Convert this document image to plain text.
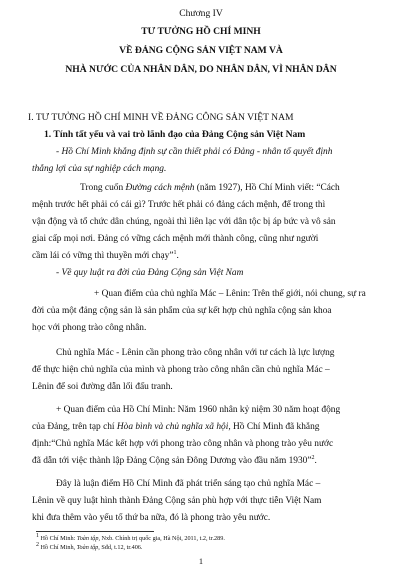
Chương IV
TƯ TƯỞNG HỒ CHÍ MINH
VỀ ĐẢNG CỘNG SẢN VIỆT NAM VÀ
NHÀ NƯỚC CỦA NHÂN DÂN, DO NHÂN DÂN, VÌ NHÂN DÂN
I. TƯ TƯỞNG HỒ CHÍ MINH VỀ ĐẢNG CÔNG SẢN VIỆT NAM
1. Tính tất yếu và vai trò lãnh đạo của Đảng Cộng sản Việt Nam
- Hồ Chí Minh khẳng định sự cần thiết phải có Đảng - nhân tố quyết định
thắng lợi của sự nghiệp cách mạng.
Trong cuốn Đường cách mệnh (năm 1927), Hồ Chí Minh viết: “Cách
mệnh trước hết phải có cái gì? Trước hết phải có đảng cách mệnh, để trong thì
vận động và tổ chức dân chúng, ngoài thì liên lạc với dân tộc bị áp bức và vô sản
giai cấp mọi nơi. Đảng có vững cách mệnh mới thành công, cũng như người
cầm lái có vững thì thuyền mới chạy”$^1$.
- Về quy luật ra đời của Đảng Cộng sản Việt Nam
+ Quan điểm của chủ nghĩa Mác – Lênin: Trên thế giới, nói chung, sự ra
đời của một đảng cộng sản là sản phẩm của sự kết hợp chủ nghĩa cộng sản khoa
học với phong trào công nhân.
Chủ nghĩa Mác - Lênin cần phong trào công nhân với tư cách là lực lượng
để thực hiện chủ nghĩa của mình và phong trào công nhân cần chủ nghĩa Mác –
Lênin để soi đường dẫn lối đấu tranh.
+ Quan điểm của Hồ Chí Minh: Năm 1960 nhân kỷ niệm 30 năm hoạt động
của Đảng, trên tạp chí Hòa bình và chủ nghĩa xã hội, Hồ Chí Minh đã khẳng
định:“Chủ nghĩa Mác kết hợp với phong trào công nhân và phong trào yêu nước
đã dẫn tới việc thành lập Đảng Cộng sản Đông Dương vào đầu năm 1930”$^2$.
Đây là luận điểm Hồ Chí Minh đã phát triển sáng tạo chủ nghĩa Mác –
Lênin về quy luật hình thành Đảng Cộng sản phù hợp với thực tiễn Việt Nam
khi đưa thêm vào yếu tố thứ ba nữa, đó là phong trào yêu nước.
$^1$ Hồ Chí Minh: Toàn tập, Nxb. Chính trị quốc gia, Hà Nội, 2011, t.2, tr.289.
$^2$ Hồ Chí Minh, Toàn tập, Sđd, t.12, tr.406.
1
